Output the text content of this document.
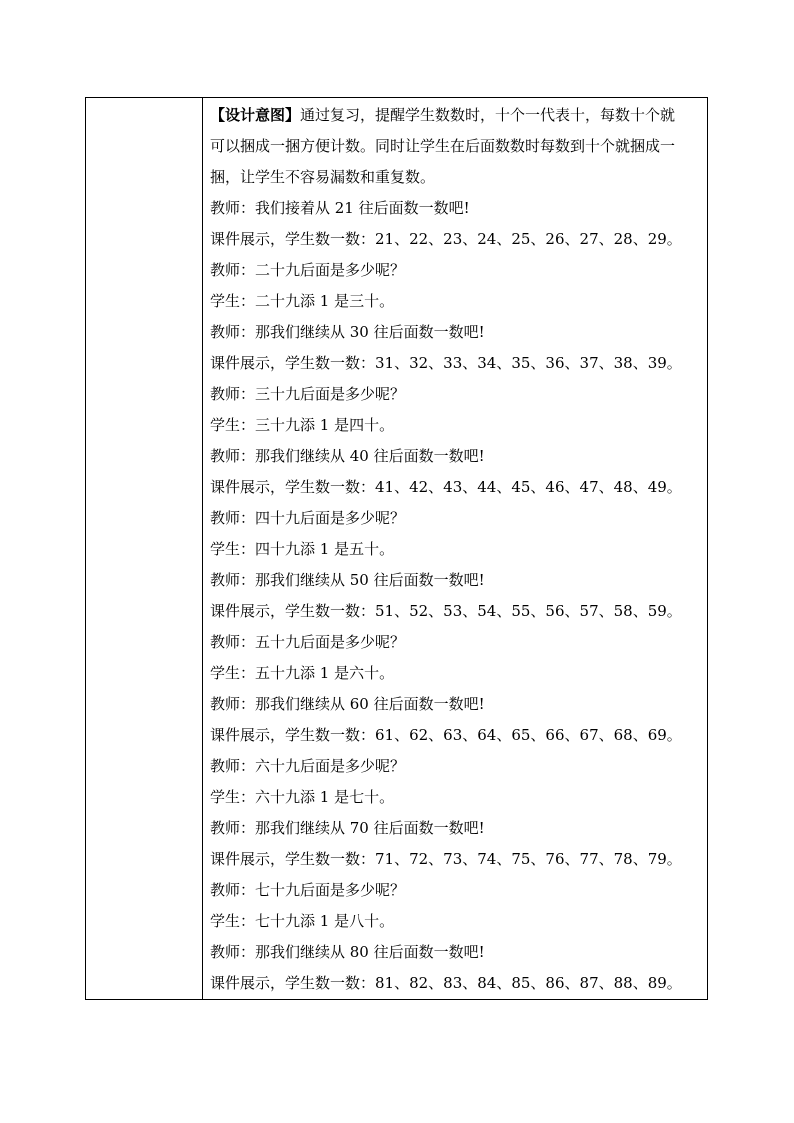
【设计意图】通过复习，提醒学生数数时，十个一代表十，每数十个就
可以捆成一捆方便计数。同时让学生在后面数数时每数到十个就捆成一
捆，让学生不容易漏数和重复数。
教师：我们接着从 21 往后面数一数吧!
课件展示，学生数一数：21、22、23、24、25、26、27、28、29。
教师：二十九后面是多少呢？
学生：二十九添 1 是三十。
教师：那我们继续从 30 往后面数一数吧!
课件展示，学生数一数：31、32、33、34、35、36、37、38、39。
教师：三十九后面是多少呢？
学生：三十九添 1 是四十。
教师：那我们继续从 40 往后面数一数吧!
课件展示，学生数一数：41、42、43、44、45、46、47、48、49。
教师：四十九后面是多少呢？
学生：四十九添 1 是五十。
教师：那我们继续从 50 往后面数一数吧!
课件展示，学生数一数：51、52、53、54、55、56、57、58、59。
教师：五十九后面是多少呢？
学生：五十九添 1 是六十。
教师：那我们继续从 60 往后面数一数吧!
课件展示，学生数一数：61、62、63、64、65、66、67、68、69。
教师：六十九后面是多少呢？
学生：六十九添 1 是七十。
教师：那我们继续从 70 往后面数一数吧!
课件展示，学生数一数：71、72、73、74、75、76、77、78、79。
教师：七十九后面是多少呢？
学生：七十九添 1 是八十。
教师：那我们继续从 80 往后面数一数吧!
课件展示，学生数一数：81、82、83、84、85、86、87、88、89。
